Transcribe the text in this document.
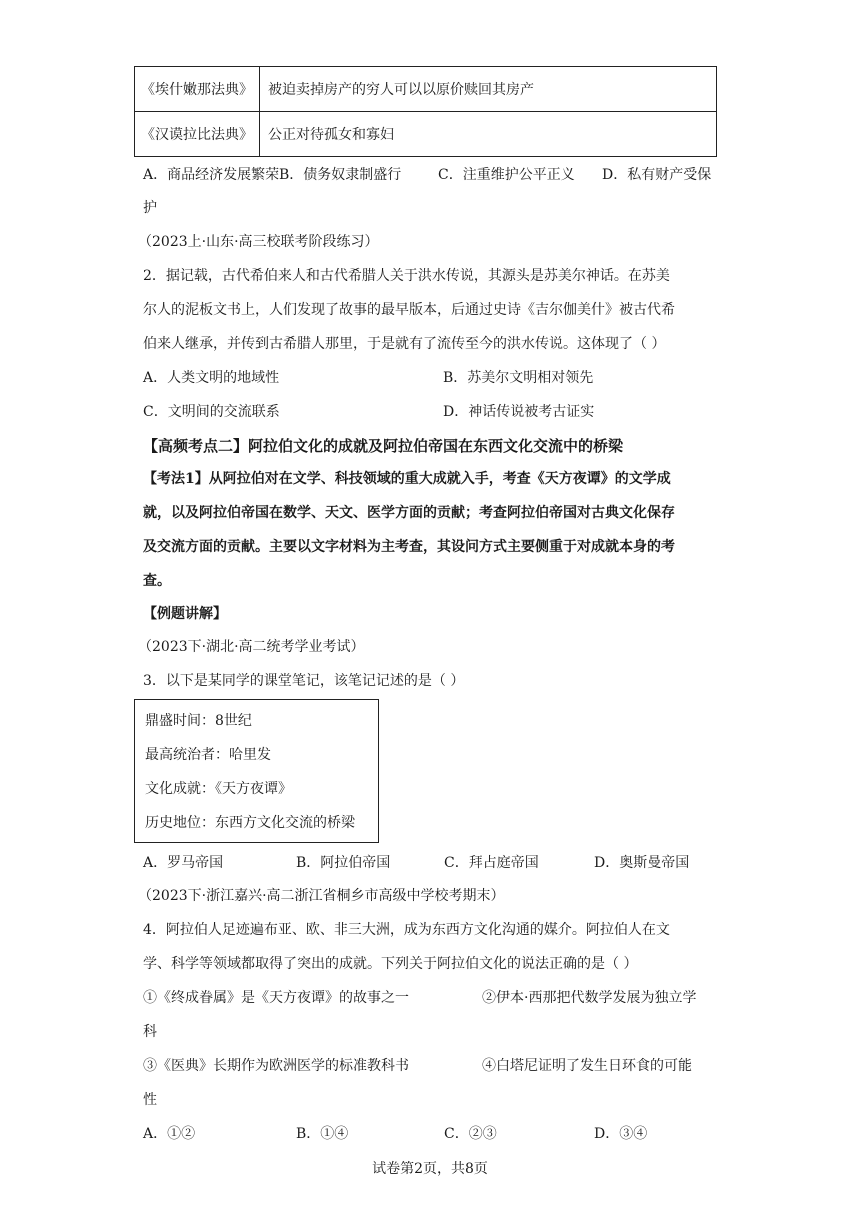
《埃什嫩那法典》	被迫卖掉房产的穷人可以以原价赎回其房产
《汉谟拉比法典》	公正对待孤女和寡妇
A．商品经济发展繁荣 B．债务奴隶制盛行	C．注重维护公平正义 D．私有财产受保
护
（2023上·山东·高三校联考阶段练习）
2．据记载，古代希伯来人和古代希腊人关于洪水传说，其源头是苏美尔神话。在苏美
尔人的泥板文书上，人们发现了故事的最早版本，后通过史诗《吉尔伽美什》被古代希
伯来人继承，并传到古希腊人那里，于是就有了流传至今的洪水传说。这体现了（ ）
A．人类文明的地域性	B．苏美尔文明相对领先
C．文明间的交流联系	D．神话传说被考古证实
【高频考点二】阿拉伯文化的成就及阿拉伯帝国在东西文化交流中的桥梁
【考法1】从阿拉伯对在文学、科技领域的重大成就入手，考查《天方夜谭》的文学成
就，以及阿拉伯帝国在数学、天文、医学方面的贡献；考查阿拉伯帝国对古典文化保存
及交流方面的贡献。主要以文字材料为主考查，其设问方式主要侧重于对成就本身的考
查。
【例题讲解】
（2023下·湖北·高二统考学业考试）
3．以下是某同学的课堂笔记，该笔记记述的是（ ）
鼎盛时间：8世纪
最高统治者：哈里发
文化成就：《天方夜谭》
历史地位：东西方文化交流的桥梁
A．罗马帝国	B．阿拉伯帝国	C．拜占庭帝国	D．奥斯曼帝国
（2023下·浙江嘉兴·高二浙江省桐乡市高级中学校考期末）
4．阿拉伯人足迹遍布亚、欧、非三大洲，成为东西方文化沟通的媒介。阿拉伯人在文
学、科学等领域都取得了突出的成就。下列关于阿拉伯文化的说法正确的是（ ）
①《终成眷属》是《天方夜谭》的故事之一	②伊本·西那把代数学发展为独立学
科
③《医典》长期作为欧洲医学的标准教科书	④白塔尼证明了发生日环食的可能
性
A．①②	B．①④	C．②③	D．③④
试卷第2页，共8页
